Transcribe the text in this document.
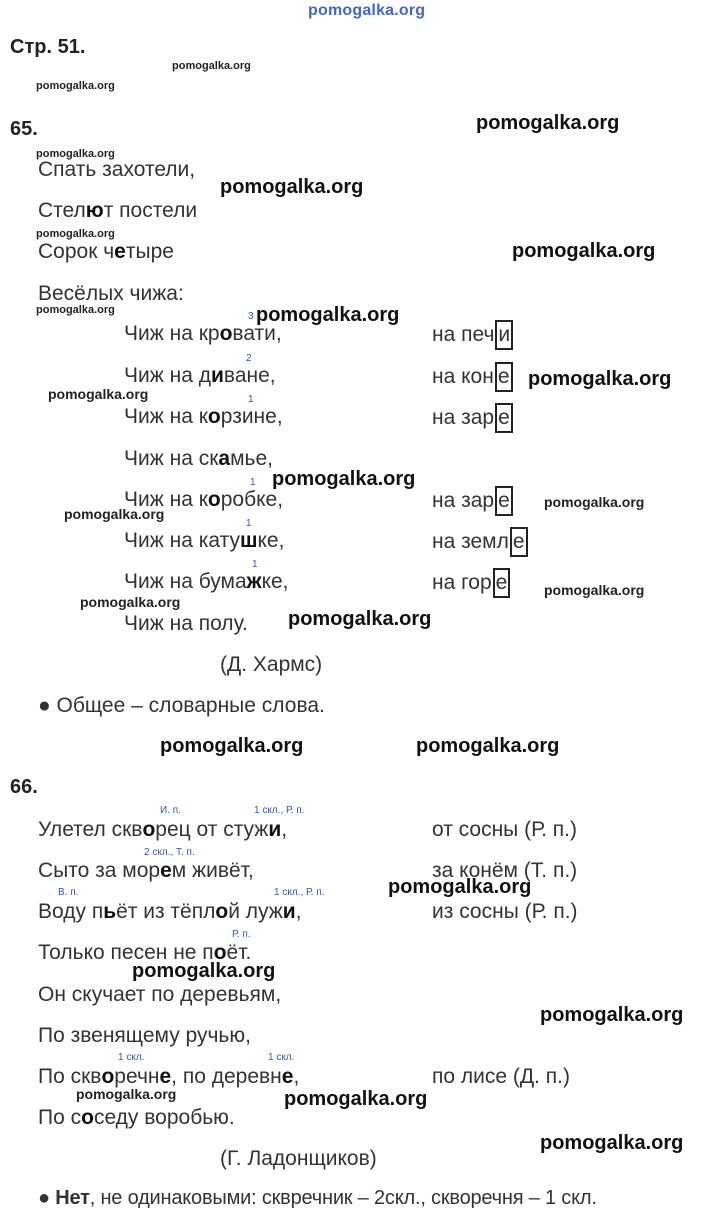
pomogalka.org
pomogalka.org
pomogalka.org
pomogalka.org
pomogalka.org
pomogalka.org
pomogalka.org
pomogalka.org
pomogalka.org	pomogalka.org
pomogalka.org
pomogalka.org
pomogalka.org
pomogalka.org
pomogalka.org
pomogalka.org
pomogalka.org
pomogalka.org
pomogalka.org	pomogalka.org
pomogalka.org
pomogalka.org
pomogalka.org
pomogalka.org	pomogalka.org
pomogalka.org
Стр. 51.
65.
Спать захотели,
Стелют постели
Сорок четыре
Весёлых чижа:
3
Чиж на кровати,	на печ и
2
Чиж на диване,	на кон е
1
Чиж на корзине,	на зар е
Чиж на скамье,
1
Чиж на коробке,	на зар е
1
Чиж на катушке,	на земл е
1
Чиж на бумажке,	на гор е
Чиж на полу.
(Д. Хармс)
● Общее – словарные слова.
66.
И. п.	1 скл., Р. п.
Улетел скворец от стужи,	от сосны (Р. п.)
2 скл., Т. п.
Сыто за морем живёт,	за конём (Т. п.)
В. п.	1 скл., Р. п.
Воду пьёт из тёплой лужи,	из сосны (Р. п.)
Р. п.
Только песен не поёт.
Он скучает по деревьям,
По звенящему ручью,
1 скл.	1 скл.
По скворечне, по деревне,	по лисе (Д. п.)
По соседу воробью.
(Г. Ладонщиков)
● Нет, не одинаковыми: сквречник – 2скл., скворечня – 1 скл.
